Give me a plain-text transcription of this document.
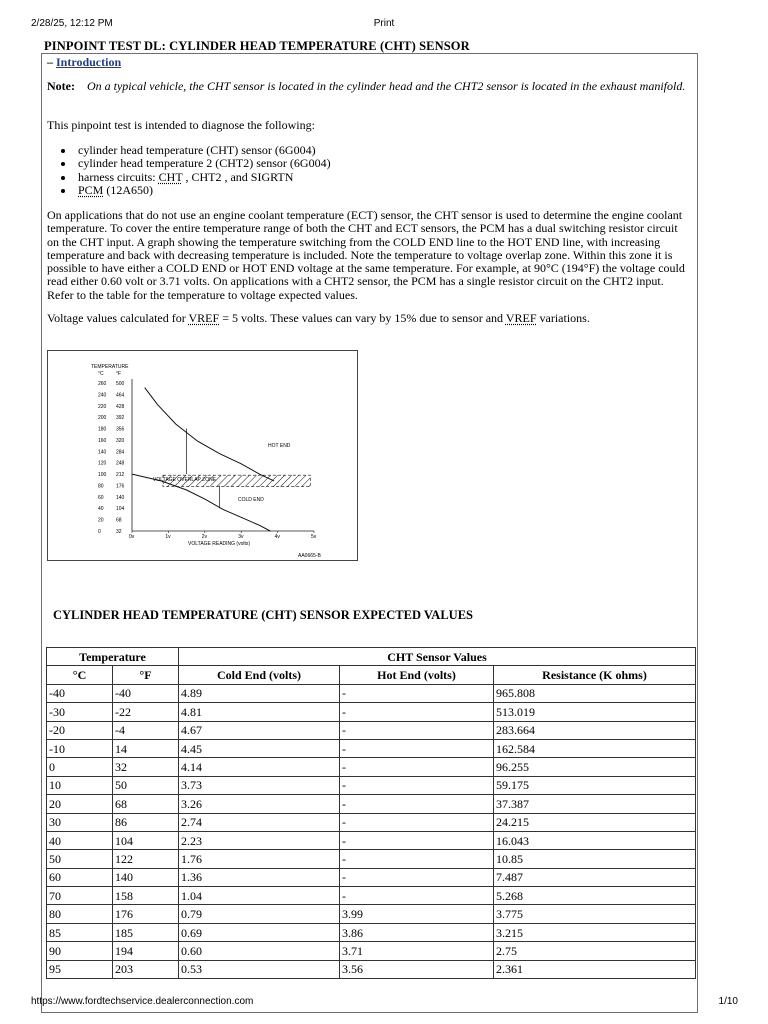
2/28/25, 12:12 PM	Print
PINPOINT TEST DL: CYLINDER HEAD TEMPERATURE (CHT) SENSOR
– Introduction

Note: On a typical vehicle, the CHT sensor is located in the cylinder head and the CHT2 sensor is located in the exhaust manifold.

This pinpoint test is intended to diagnose the following:

cylinder head temperature (CHT) sensor (6G004)
cylinder head temperature 2 (CHT2) sensor (6G004)
harness circuits: CHT , CHT2 , and SIGRTN
PCM (12A650)

On applications that do not use an engine coolant temperature (ECT) sensor, the CHT sensor is used to determine the engine coolant temperature. To cover the entire temperature range of both the CHT and ECT sensors, the PCM has a dual switching resistor circuit on the CHT input. A graph showing the temperature switching from the COLD END line to the HOT END line, with increasing temperature and back with decreasing temperature is included. Note the temperature to voltage overlap zone. Within this zone it is possible to have either a COLD END or HOT END voltage at the same temperature. For example, at 90°C (194°F) the voltage could read either 0.60 volt or 3.71 volts. On applications with a CHT2 sensor, the PCM has a single resistor circuit on the CHT2 input. Refer to the table for the temperature to voltage expected values.

Voltage values calculated for VREF = 5 volts. These values can vary by 15% due to sensor and VREF variations.

TEMPERATURE
°C °F
260 500
240 464
220 428
200 392
180 356
160 320
140 284
120 248
100 212
80 176
60 140
40 104
20 68
0	32
0v	1v	2v	3v	4v	5v
HOT END
COLD END
VOLTAGE OVERLAP ZONE
VOLTAGE READING (volts)
AA0665-B
CYLINDER HEAD TEMPERATURE (CHT) SENSOR EXPECTED VALUES
Temperature		CHT Sensor Values		
°C	°F	Cold End (volts)	Hot End (volts)	Resistance (K ohms)
-40	-40	4.89	-	965.808
-30	-22	4.81	-	513.019
-20	-4	4.67	-	283.664
-10	14	4.45	-	162.584
0	32	4.14	-	96.255
10	50	3.73	-	59.175
20	68	3.26	-	37.387
30	86	2.74	-	24.215
40	104	2.23	-	16.043
50	122	1.76	-	10.85
60	140	1.36	-	7.487
70	158	1.04	-	5.268
80	176	0.79	3.99	3.775
85	185	0.69	3.86	3.215
90	194	0.60	3.71	2.75
95	203	0.53	3.56	2.361
https://www.fordtechservice.dealerconnection.com	1/10
